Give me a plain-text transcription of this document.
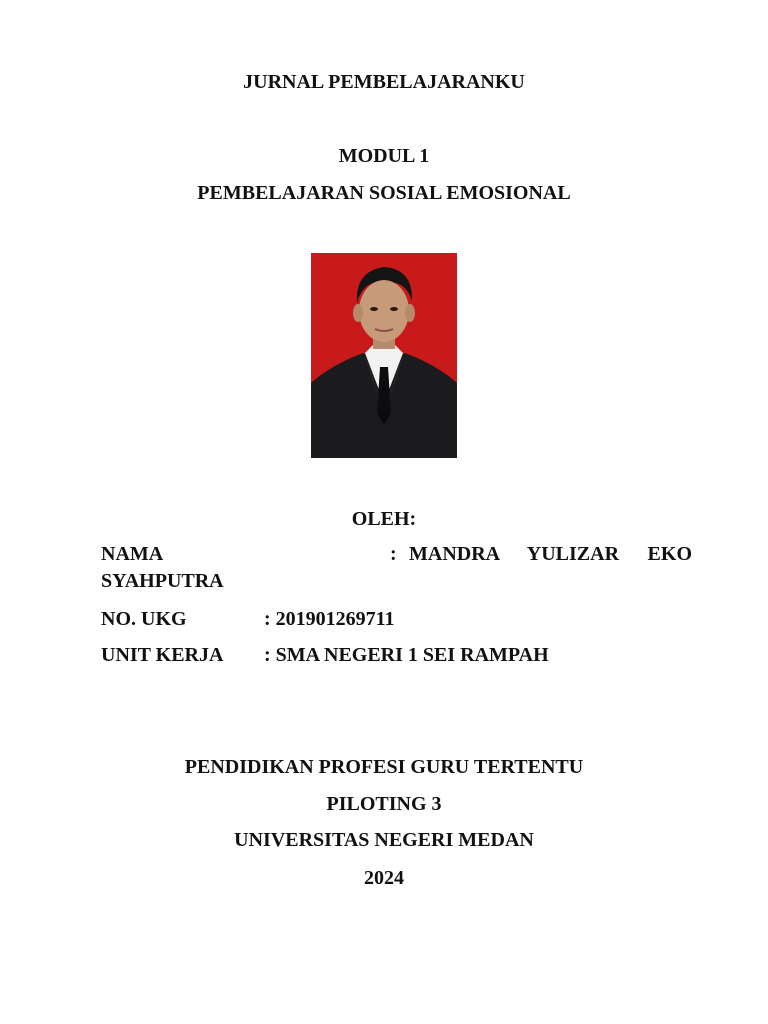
JURNAL PEMBELAJARANKU
MODUL 1
PEMBELAJARAN SOSIAL EMOSIONAL
OLEH:
NAMA	: MANDRA YULIZAR EKO
SYAHPUTRA
NO. UKG	: 201901269711
UNIT KERJA : SMA NEGERI 1 SEI RAMPAH
PENDIDIKAN PROFESI GURU TERTENTU
PILOTING 3
UNIVERSITAS NEGERI MEDAN
2024
